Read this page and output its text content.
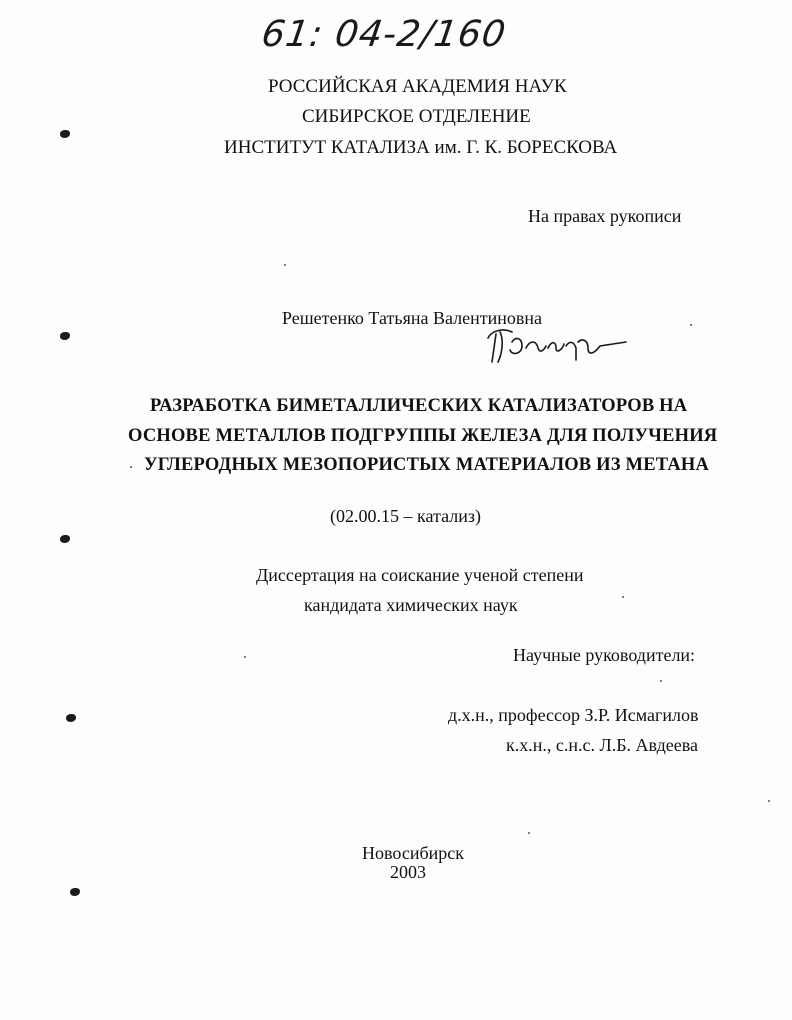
61: 04-2/160
РОССИЙСКАЯ АКАДЕМИЯ НАУК
СИБИРСКОЕ ОТДЕЛЕНИЕ
ИНСТИТУТ КАТАЛИЗА им. Г. К. БОРЕСКОВА
На правах рукописи
Решетенко Татьяна Валентиновна
РАЗРАБОТКА БИМЕТАЛЛИЧЕСКИХ КАТАЛИЗАТОРОВ НА
ОСНОВЕ МЕТАЛЛОВ ПОДГРУППЫ ЖЕЛЕЗА ДЛЯ ПОЛУЧЕНИЯ
УГЛЕРОДНЫХ МЕЗОПОРИСТЫХ МАТЕРИАЛОВ ИЗ МЕТАНА
(02.00.15 – катализ)
Диссертация на соискание ученой степени
кандидата химических наук
Научные руководители:
д.х.н., профессор З.Р. Исмагилов
к.х.н., с.н.с. Л.Б. Авдеева
Новосибирск
2003
